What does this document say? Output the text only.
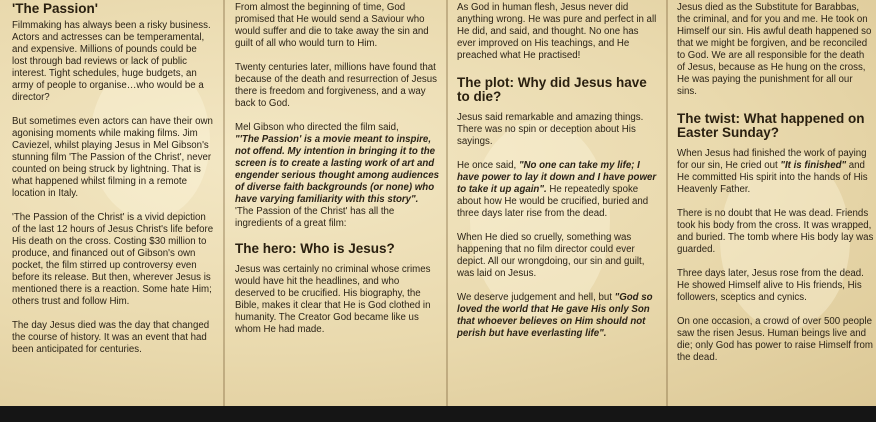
'The Passion'

Filmmaking has always been a risky business. Actors and actresses can be temperamental, and expensive. Millions of pounds could be lost through bad reviews or lack of public interest. Tight schedules, huge budgets, an army of people to organise…who would be a director?

But sometimes even actors can have their own agonising moments while making films. Jim Caviezel, whilst playing Jesus in Mel Gibson's stunning film 'The Passion of the Christ', never counted on being struck by lightning. That is what happened whilst filming in a remote location in Italy.

'The Passion of the Christ' is a vivid depiction of the last 12 hours of Jesus Christ's life before His death on the cross. Costing $30 million to produce, and financed out of Gibson's own pocket, the film stirred up controversy even before its release. But then, wherever Jesus is mentioned there is a reaction. Some hate Him; others trust and follow Him.

The day Jesus died was the day that changed the course of history. It was an event that had been anticipated for centuries.

From almost the beginning of time, God promised that He would send a Saviour who would suffer and die to take away the sin and guilt of all who would turn to Him.

Twenty centuries later, millions have found that because of the death and resurrection of Jesus there is freedom and forgiveness, and a way back to God.

Mel Gibson who directed the film said,
"'The Passion' is a movie meant to inspire, not offend. My intention in bringing it to the screen is to create a lasting work of art and engender serious thought among audiences of diverse faith backgrounds (or none) who have varying familiarity with this story". 'The Passion of the Christ' has all the ingredients of a great film:

The hero: Who is Jesus?

Jesus was certainly no criminal whose crimes would have hit the headlines, and who deserved to be crucified. His biography, the Bible, makes it clear that He is God clothed in humanity. The Creator God became like us whom He had made.

As God in human flesh, Jesus never did anything wrong. He was pure and perfect in all He did, and said, and thought. No one has ever improved on His teachings, and He preached what He practised!

The plot: Why did Jesus have to die?

Jesus said remarkable and amazing things. There was no spin or deception about His sayings.

He once said, "No one can take my life; I have power to lay it down and I have power to take it up again". He repeatedly spoke about how He would be crucified, buried and three days later rise from the dead.

When He died so cruelly, something was happening that no film director could ever depict. All our wrongdoing, our sin and guilt, was laid on Jesus.

We deserve judgement and hell, but "God so loved the world that He gave His only Son that whoever believes on Him should not perish but have everlasting life".

Jesus died as the Substitute for Barabbas, the criminal, and for you and me. He took on Himself our sin. His awful death happened so that we might be forgiven, and be reconciled to God. We are all responsible for the death of Jesus, because as He hung on the cross, He was paying the punishment for all our sins.

The twist: What happened on Easter Sunday?

When Jesus had finished the work of paying for our sin, He cried out "It is finished" and He committed His spirit into the hands of His Heavenly Father.

There is no doubt that He was dead. Friends took his body from the cross. It was wrapped, and buried. The tomb where His body lay was guarded.

Three days later, Jesus rose from the dead. He showed Himself alive to His friends, His followers, sceptics and cynics.

On one occasion, a crowd of over 500 people saw the risen Jesus. Human beings live and die; only God has power to raise Himself from the dead.
